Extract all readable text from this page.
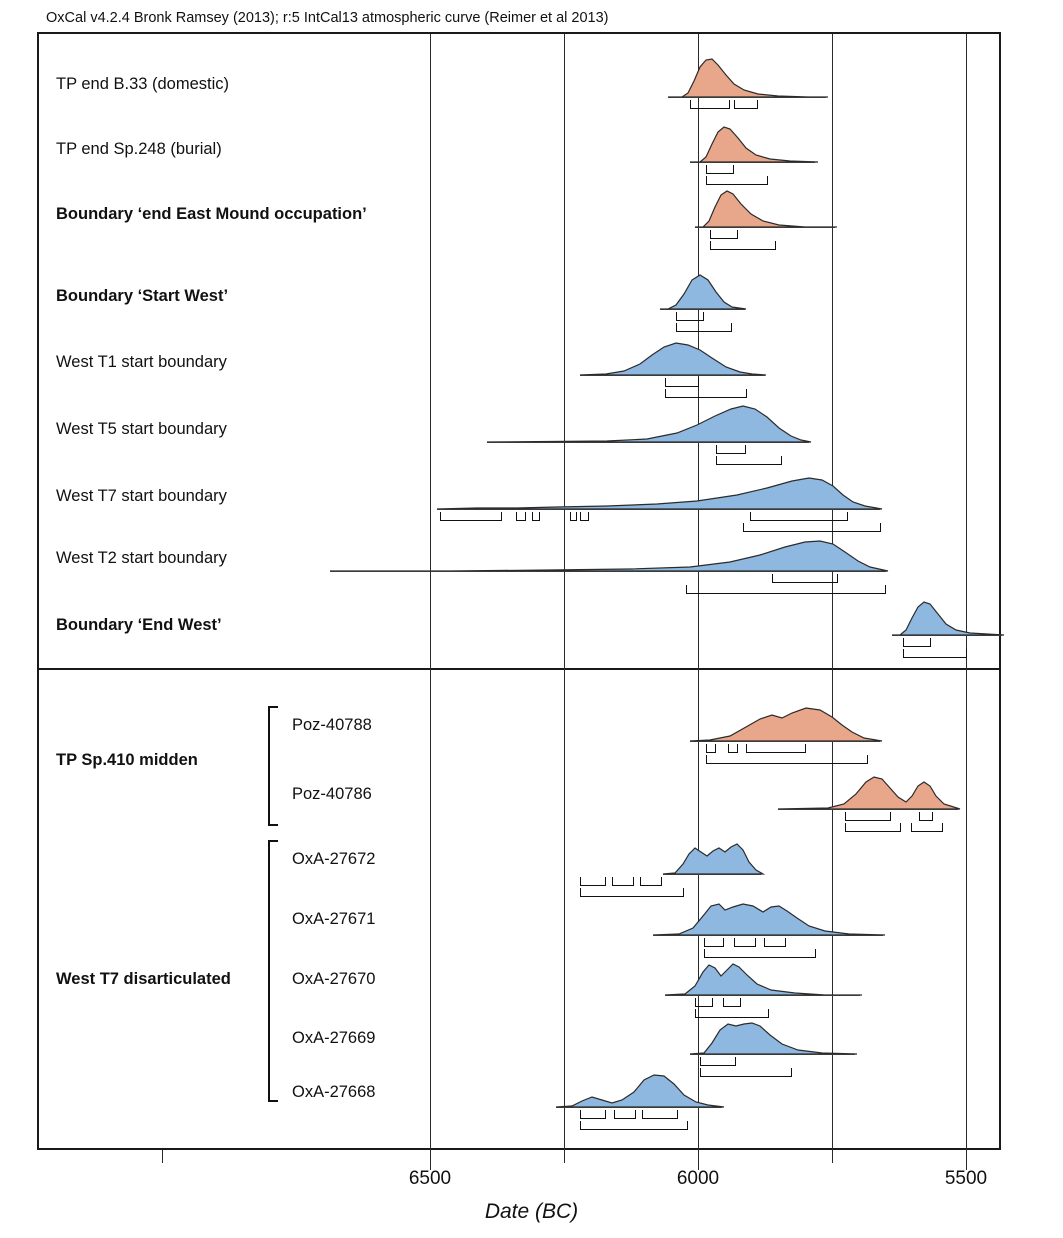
OxCal v4.2.4 Bronk Ramsey (2013); r:5 IntCal13 atmospheric curve (Reimer et al 2013)
6500	6000	5500
Date (BC)
TP end B.33 (domestic)
TP end Sp.248 (burial)
Boundary ‘end East Mound occupation’
Boundary ‘Start West’
West T1 start boundary
West T5 start boundary
West T7 start boundary
West T2 start boundary
Boundary ‘End West’
TP Sp.410 midden
Poz-40788
Poz-40786
West T7 disarticulated
OxA-27672
OxA-27671
OxA-27670
OxA-27669
OxA-27668
